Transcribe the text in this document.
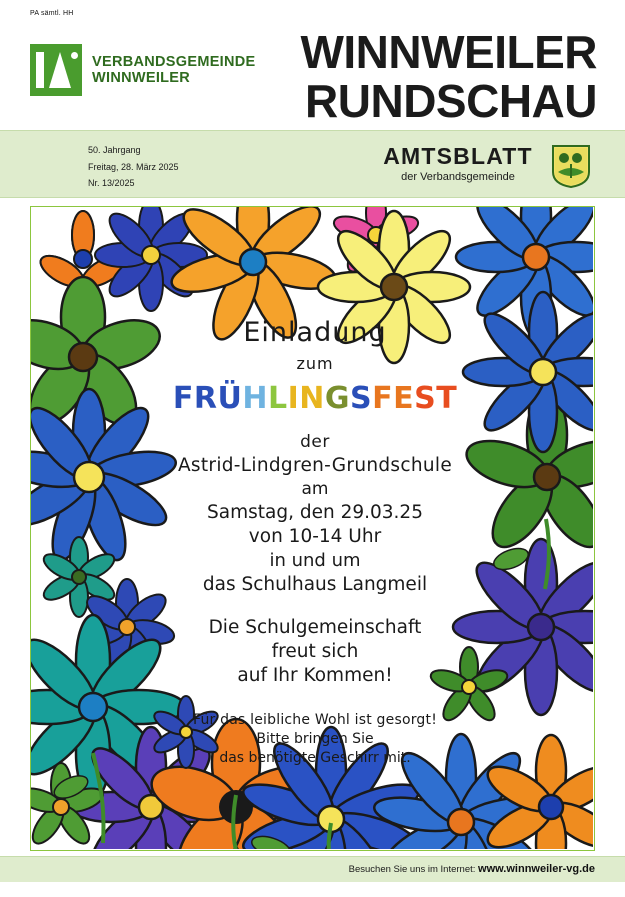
PA sämtl. HH
VERBANDSGEMEINDE
WINNWEILER	WINNWEILER
RUNDSCHAU
50. Jahrgang
Freitag, 28. März 2025
Nr. 13/2025
AMTSBLATT
der Verbandsgemeinde
Einladung
zum
FRÜHLINGSFEST
der
Astrid-Lindgren-Grundschule
am
Samstag, den 29.03.25
von 10-14 Uhr
in und um
das Schulhaus Langmeil
Die Schulgemeinschaft
freut sich
auf Ihr Kommen!
Für das leibliche Wohl ist gesorgt!
Bitte bringen Sie
das benötigte Geschirr mit.
Besuchen Sie uns im Internet: www.winnweiler-vg.de
